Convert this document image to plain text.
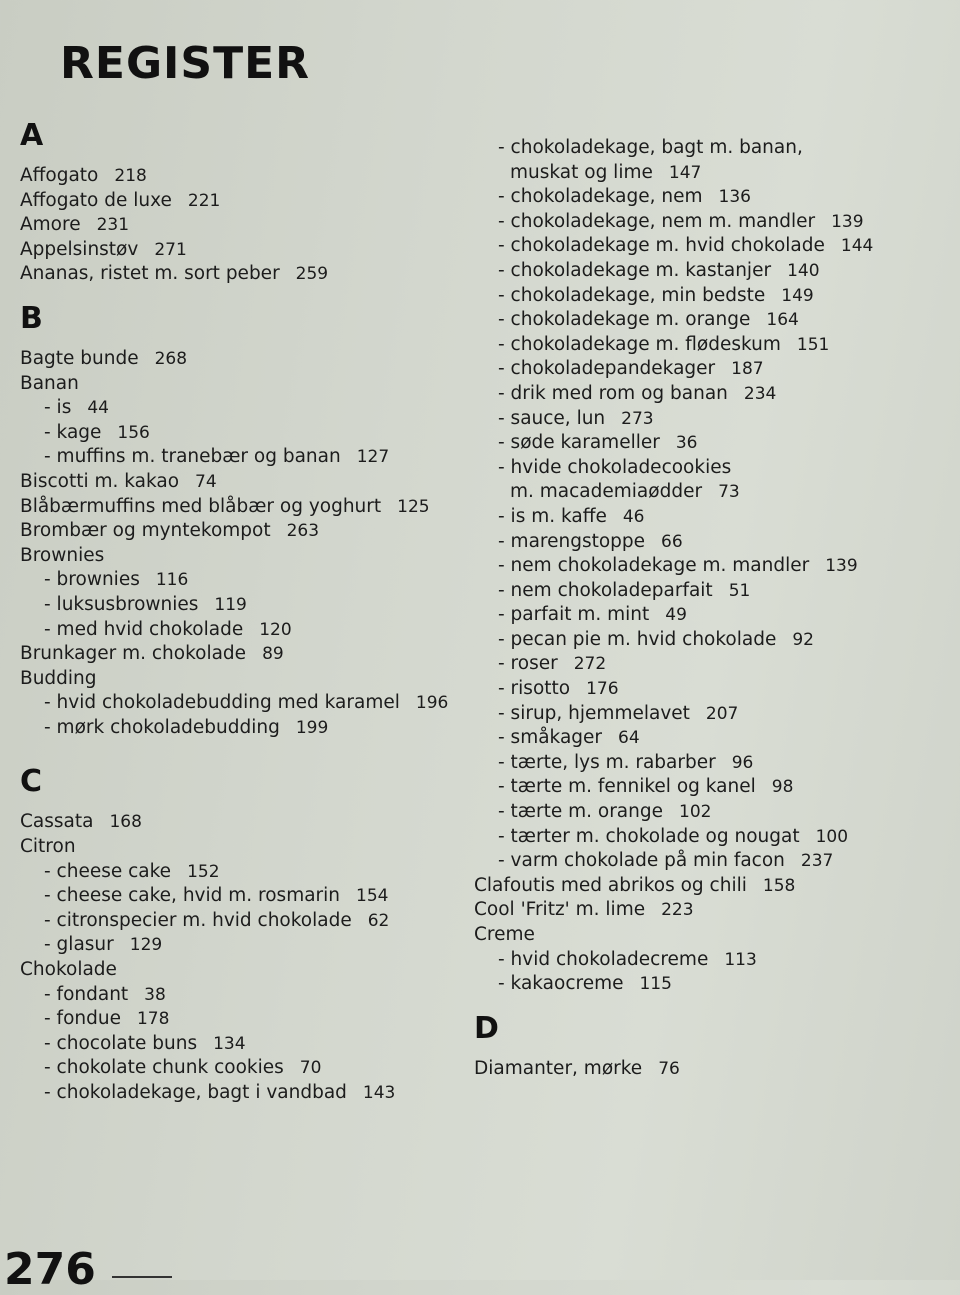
REGISTER
A
Affogato 218
Affogato de luxe 221
Amore 231
Appelsinstøv 271
Ananas, ristet m. sort peber 259
B
Bagte bunde 268
Banan
- is 44
- kage 156
- muffins m. tranebær og banan 127
Biscotti m. kakao 74
Blåbærmuffins med blåbær og yoghurt 125
Brombær og myntekompot 263
Brownies
- brownies 116
- luksusbrownies 119
- med hvid chokolade 120
Brunkager m. chokolade 89
Budding
- hvid chokoladebudding med karamel 196
- mørk chokoladebudding 199
C
Cassata 168
Citron
- cheese cake 152
- cheese cake, hvid m. rosmarin 154
- citronspecier m. hvid chokolade 62
- glasur 129
Chokolade
- fondant 38
- fondue 178
- chocolate buns 134
- chokolate chunk cookies 70
- chokoladekage, bagt i vandbad 143
- chokoladekage, bagt m. banan,
muskat og lime 147
- chokoladekage, nem 136
- chokoladekage, nem m. mandler 139
- chokoladekage m. hvid chokolade 144
- chokoladekage m. kastanjer 140
- chokoladekage, min bedste 149
- chokoladekage m. orange 164
- chokoladekage m. flødeskum 151
- chokoladepandekager 187
- drik med rom og banan 234
- sauce, lun 273
- søde karameller 36
- hvide chokoladecookies
m. macademiaødder 73
- is m. kaffe 46
- marengstoppe 66
- nem chokoladekage m. mandler 139
- nem chokoladeparfait 51
- parfait m. mint 49
- pecan pie m. hvid chokolade 92
- roser 272
- risotto 176
- sirup, hjemmelavet 207
- småkager 64
- tærte, lys m. rabarber 96
- tærte m. fennikel og kanel 98
- tærte m. orange 102
- tærter m. chokolade og nougat 100
- varm chokolade på min facon 237
Clafoutis med abrikos og chili 158
Cool 'Fritz' m. lime 223
Creme
- hvid chokoladecreme 113
- kakaocreme 115
D
Diamanter, mørke 76
276
